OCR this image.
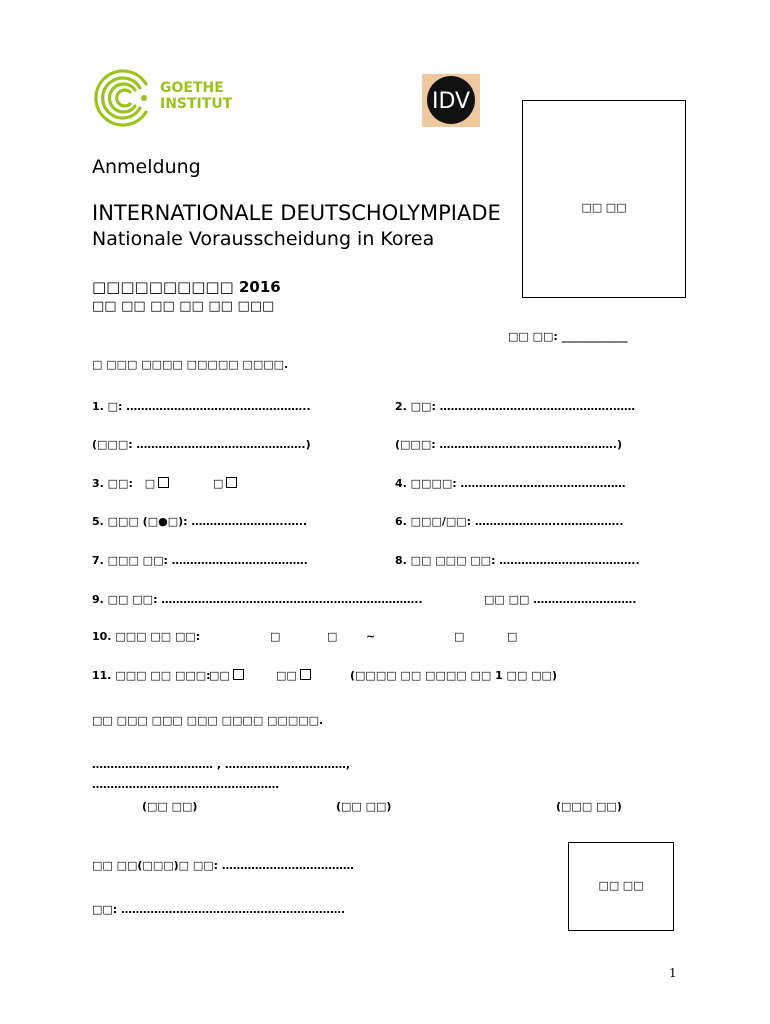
GOETHE
INSTITUT	IDV
□□ □□
Anmeldung
INTERNATIONALE DEUTSCHOLYMPIADE
Nationale Vorausscheidung in Korea
□□□□□□□□□□ 2016
□□ □□ □□ □□ □□ □□□
□□ □□: ____________
□ □□□ □□□□ □□□□□ □□□□.
1. □: …………………………………………..	2. □□: …….………………………………….……
(□□□: ……………………………………….)	(□□□: …………………..…………………….)
3. □□: □	□	4. □□□□: ………………………………………
5. □□□ (□●□): ……………………..…..	6. □□□/□□: …………………..……………..
7. □□□ □□: ……………………………….	8. □□ □□□ □□: ………………………………..
9. □□ □□: ……………………………………………………………..	□□ □□ ……………………….
10. □□□ □□ □□:	□	□	~	□	□
11. □□□ □□ □□□:
□□	□□	(□□□□ □□ □□□□ □□ 1 □□ □□)
□□ □□□ □□□ □□□ □□□□ □□□□□.
…………………………… , ……………………………,
……………………………………………
(□□ □□)	(□□ □□)	(□□□ □□)
□□ □□(□□□)□ □□: ………………………………
□□: …………………………………………………….
□□ □□
1
